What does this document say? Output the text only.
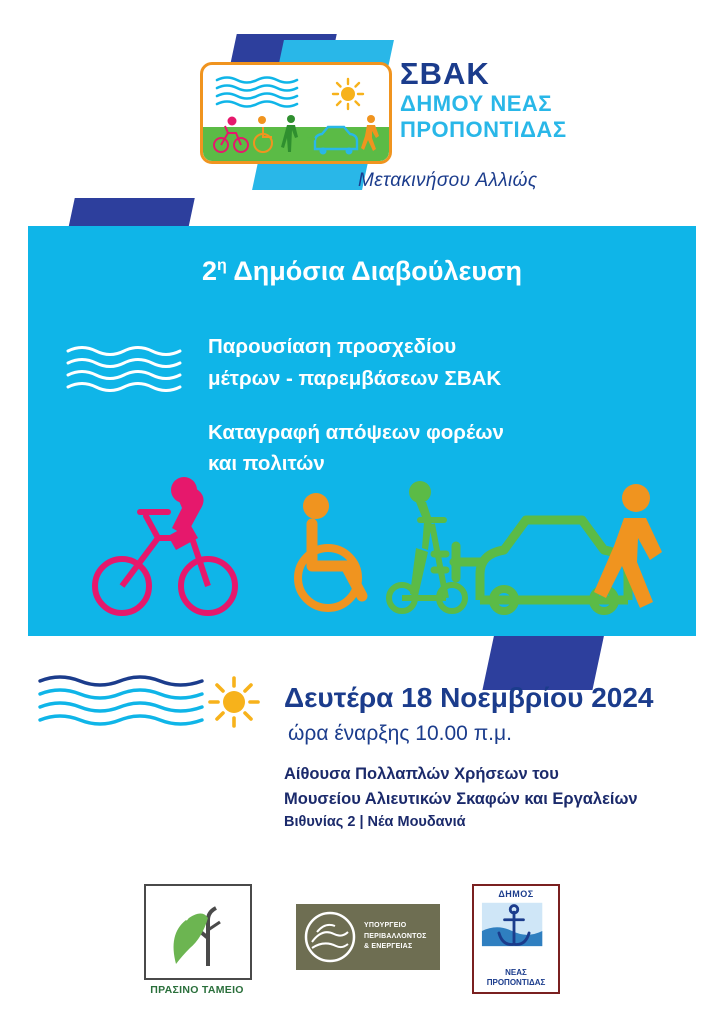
ΣΒΑΚ
ΔΗΜΟΥ ΝΕΑΣ
ΠΡΟΠΟΝΤΙΔΑΣ
Μετακινήσου Αλλιώς
$2^\eta$ Δημόσια Διαβούλευση

Παρουσίαση προσχεδίου
μέτρων - παρεμβάσεων ΣΒΑΚ

Καταγραφή απόψεων φορέων
και πολιτών

Δευτέρα 18 Νοεμβρίου 2024
ώρα έναρξης 10.00 π.μ.
Αίθουσα Πολλαπλών Χρήσεων του
Μουσείου Αλιευτικών Σκαφών και Εργαλείων
Βιθυνίας 2 | Νέα Μουδανιά
ΠΡΑΣΙΝΟ ΤΑΜΕΙΟ
ΥΠΟΥΡΓΕΙΟ
ΠΕΡΙΒΑΛΛΟΝΤΟΣ
& ΕΝΕΡΓΕΙΑΣ
ΔΗΜΟΣ
ΝΕΑΣ
ΠΡΟΠΟΝΤΙΔΑΣ
